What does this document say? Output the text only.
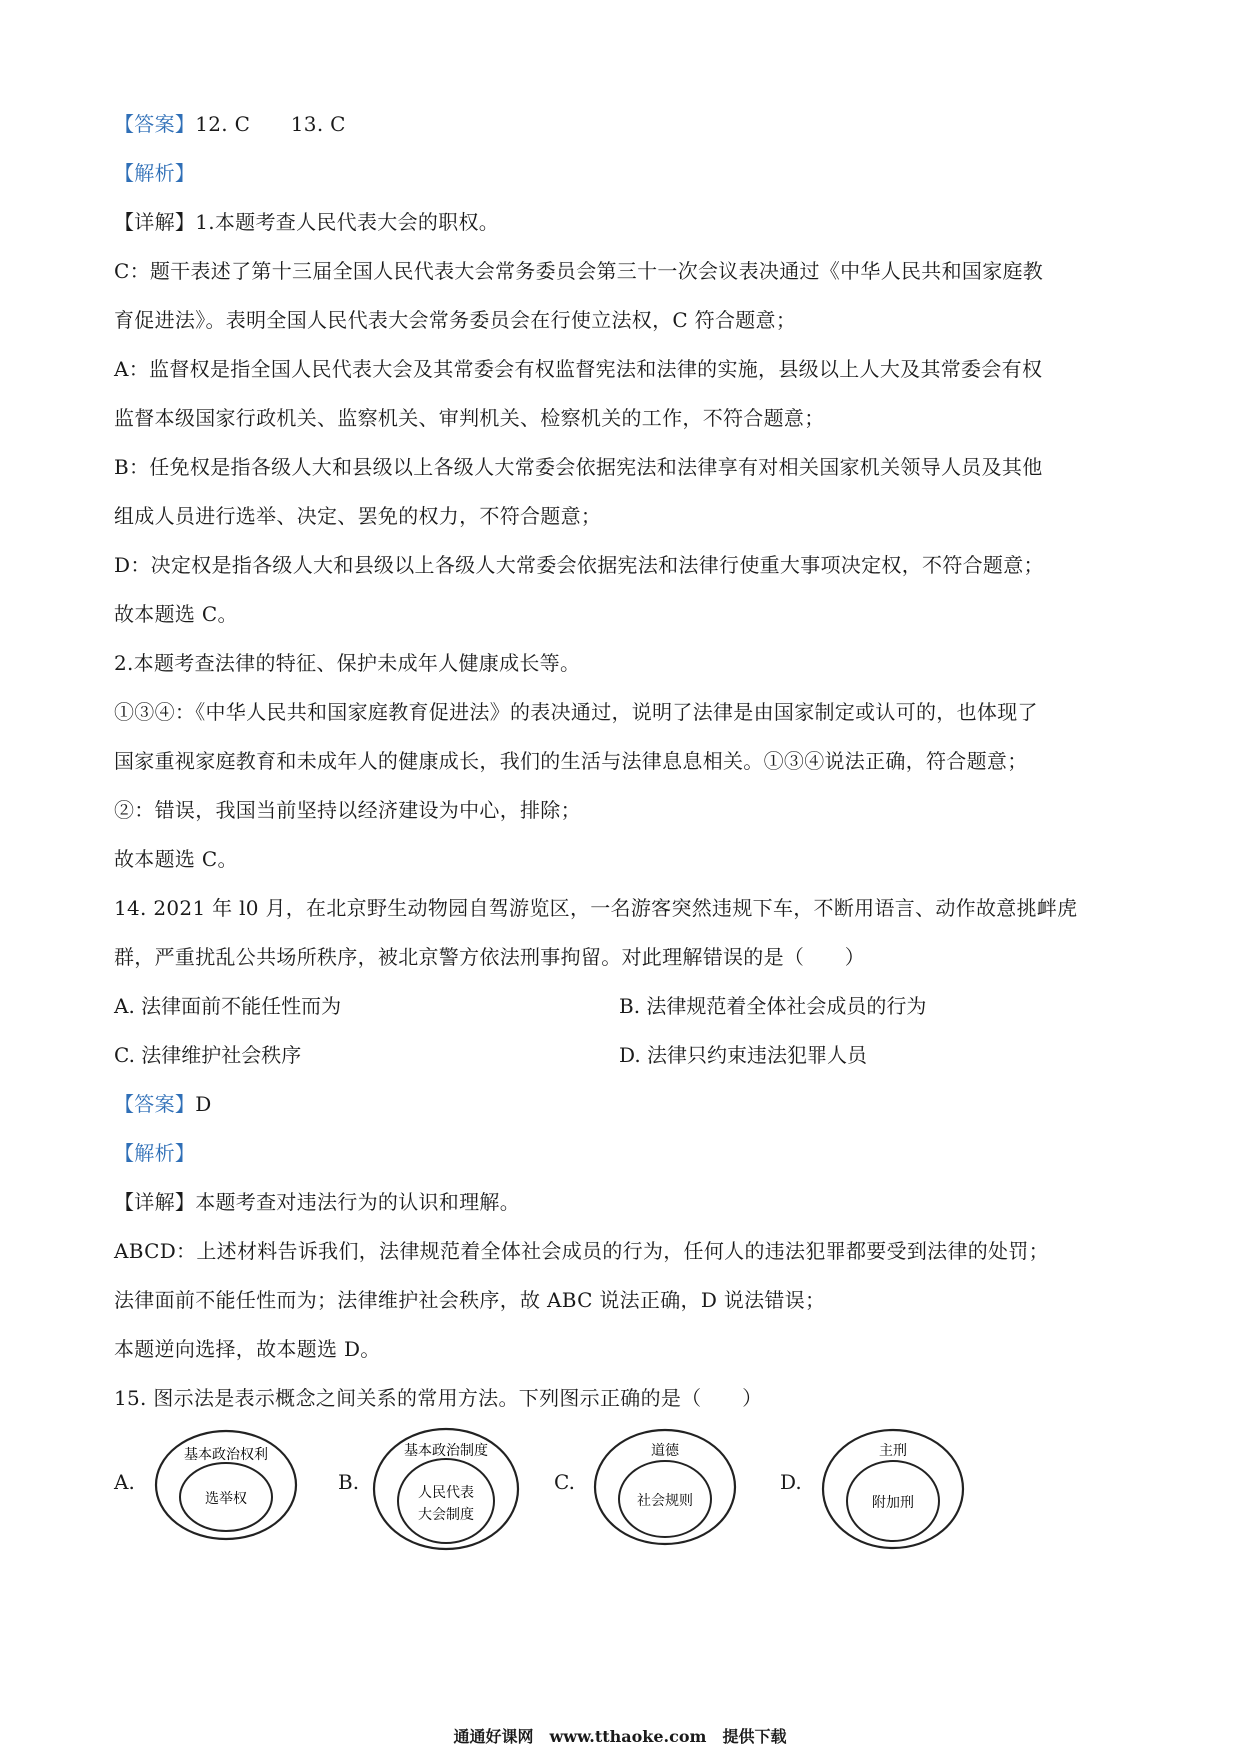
【答案】12. C　　13. C
【解析】
【详解】1.本题考查人民代表大会的职权。
C：题干表述了第十三届全国人民代表大会常务委员会第三十一次会议表决通过《中华人民共和国家庭教
育促进法》。表明全国人民代表大会常务委员会在行使立法权，C 符合题意；
A：监督权是指全国人民代表大会及其常委会有权监督宪法和法律的实施，县级以上人大及其常委会有权
监督本级国家行政机关、监察机关、审判机关、检察机关的工作，不符合题意；
B：任免权是指各级人大和县级以上各级人大常委会依据宪法和法律享有对相关国家机关领导人员及其他
组成人员进行选举、决定、罢免的权力，不符合题意；
D：决定权是指各级人大和县级以上各级人大常委会依据宪法和法律行使重大事项决定权，不符合题意；
故本题选 C。
2.本题考查法律的特征、保护未成年人健康成长等。
①③④：《中华人民共和国家庭教育促进法》的表决通过，说明了法律是由国家制定或认可的，也体现了
国家重视家庭教育和未成年人的健康成长，我们的生活与法律息息相关。①③④说法正确，符合题意；
②：错误，我国当前坚持以经济建设为中心，排除；
故本题选 C。
14. 2021 年 l0 月，在北京野生动物园自驾游览区，一名游客突然违规下车，不断用语言、动作故意挑衅虎
群，严重扰乱公共场所秩序，被北京警方依法刑事拘留。对此理解错误的是（　　）
A. 法律面前不能任性而为	B. 法律规范着全体社会成员的行为
C. 法律维护社会秩序	D. 法律只约束违法犯罪人员
【答案】D
【解析】
【详解】本题考查对违法行为的认识和理解。
ABCD：上述材料告诉我们，法律规范着全体社会成员的行为，任何人的违法犯罪都要受到法律的处罚；
法律面前不能任性而为；法律维护社会秩序，故 ABC 说法正确，D 说法错误；
本题逆向选择，故本题选 D。
15. 图示法是表示概念之间关系的常用方法。下列图示正确的是（　　）
A.
基本政治权利
选举权
B.
基本政治制度
人民代表
大会制度
C.
道德
社会规则
D.
主刑
附加刑
通通好课网　www.tthaoke.com　提供下载
